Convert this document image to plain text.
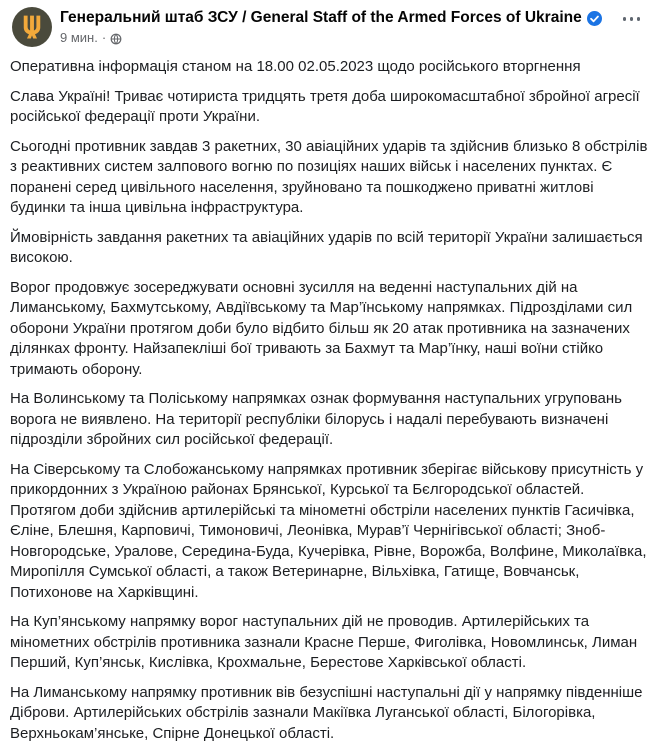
Генеральний штаб ЗСУ / General Staff of the Armed Forces of Ukraine
9 мин. ·

Оперативна інформація станом на 18.00 02.05.2023 щодо російського вторгнення

Слава Україні! Триває чотириста тридцять третя доба широкомасштабної збройної агресії російської федерації проти України.

Сьогодні противник завдав 3 ракетних, 30 авіаційних ударів та здійснив близько 8 обстрілів з реактивних систем залпового вогню по позиціях наших військ і населених пунктах. Є поранені серед цивільного населення, зруйновано та пошкоджено приватні житлові будинки та інша цивільна інфраструктура.

Ймовірність завдання ракетних та авіаційних ударів по всій території України залишається високою.

Ворог продовжує зосереджувати основні зусилля на веденні наступальних дій на Лиманському, Бахмутському, Авдіївському та Мар’їнському напрямках. Підрозділами сил оборони України протягом доби було відбито більш як 20 атак противника на зазначених ділянках фронту. Найзапекліші бої тривають за Бахмут та Мар’їнку, наші воїни стійко тримають оборону.

На Волинському та Поліському напрямках ознак формування наступальних угруповань ворога не виявлено. На території республіки білорусь і надалі перебувають визначені підрозділи збройних сил російської федерації.

На Сіверському та Слобожанському напрямках противник зберігає військову присутність у прикордонних з Україною районах Брянської, Курської та Бєлгородської областей. Протягом доби здійснив артилерійські та мінометні обстріли населених пунктів Гасичівка, Єліне, Блешня, Карповичі, Тимоновичі, Леонівка, Мурав’ї Чернігівської області; Зноб-Новгородське, Уралове, Середина-Буда, Кучерівка, Рівне, Ворожба, Волфине, Миколаївка, Миропілля Сумської області, а також Ветеринарне, Вільхівка, Гатище, Вовчанськ, Потихонове на Харківщині.

На Куп’янському напрямку ворог наступальних дій не проводив. Артилерійських та мінометних обстрілів противника зазнали Красне Перше, Фиголівка, Новомлинськ, Лиман Перший, Куп’янськ, Кислівка, Крохмальне, Берестове Харківської області.

На Лиманському напрямку противник вів безуспішні наступальні дії у напрямку південніше Діброви. Артилерійських обстрілів зазнали Макіївка Луганської області, Білогорівка, Верхньокам’янське, Спірне Донецької області.
